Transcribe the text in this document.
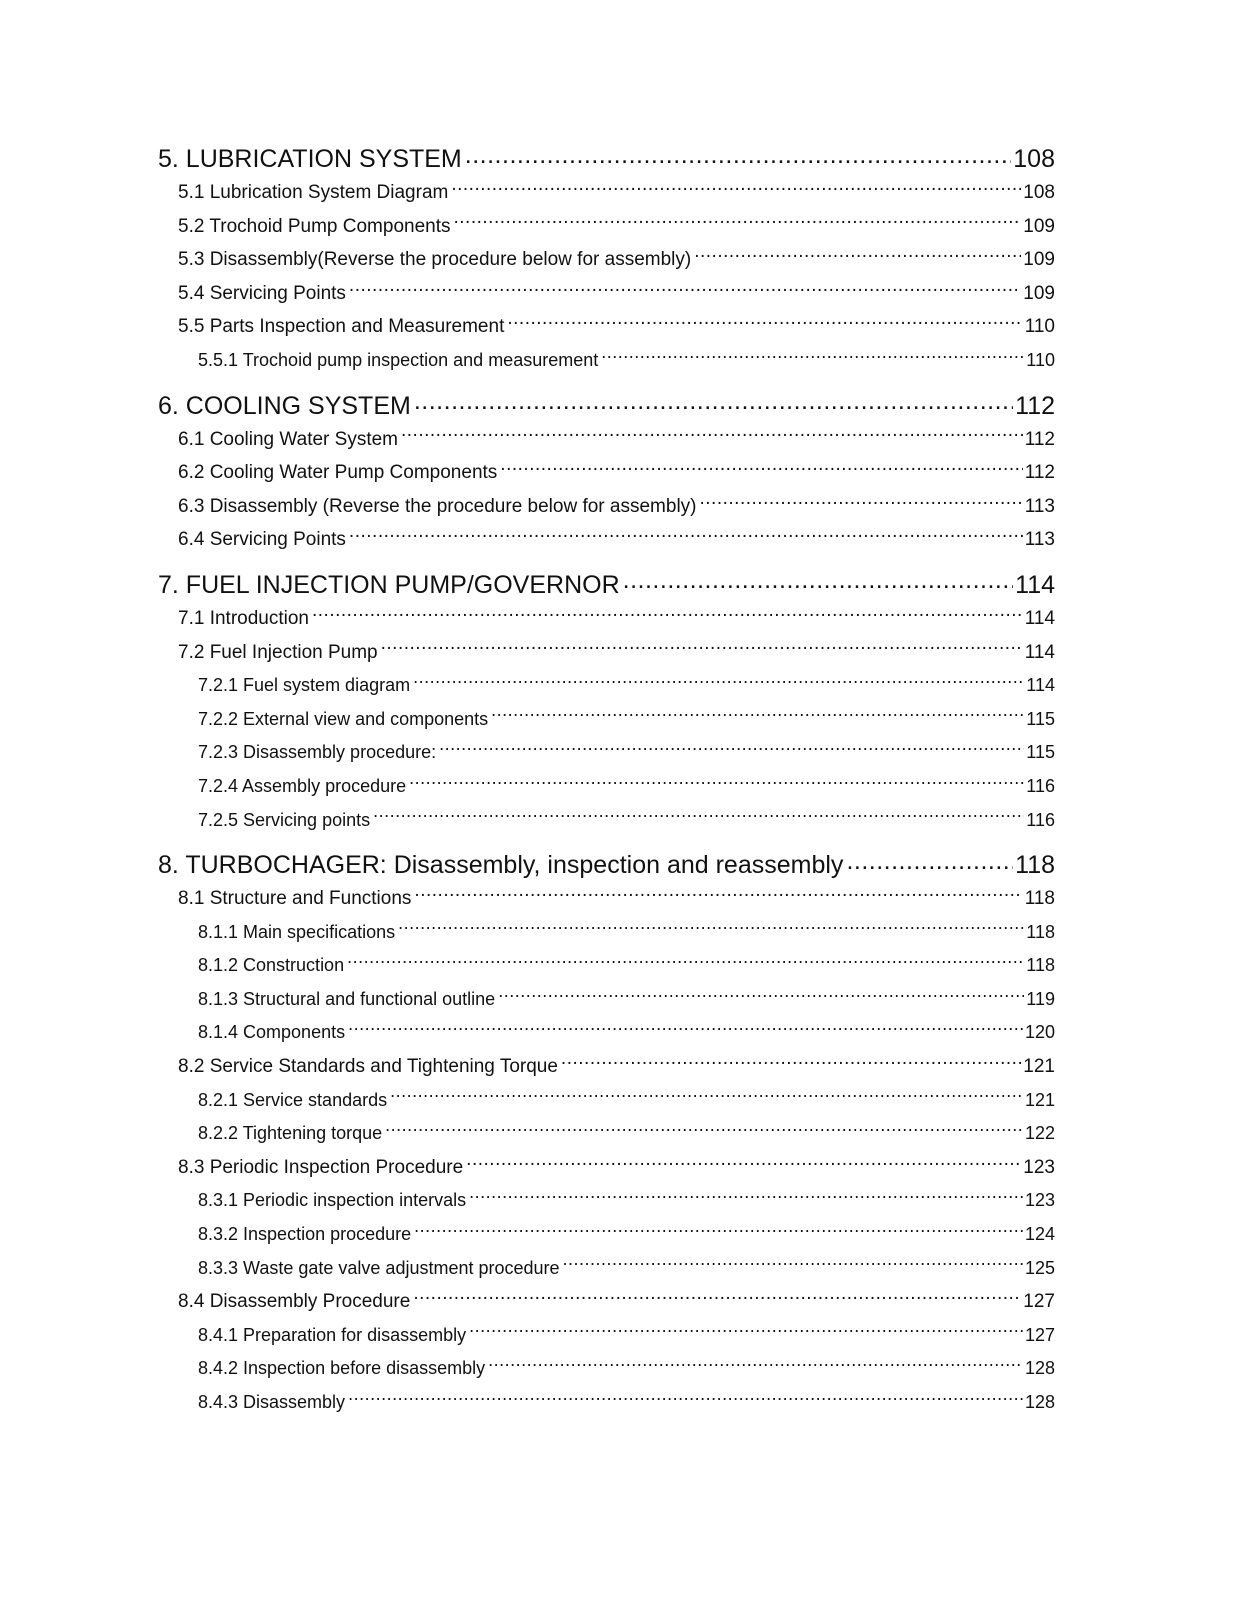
5. LUBRICATION SYSTEM .....	108
5.1 Lubrication System Diagram .....	108
5.2 Trochoid Pump Components .....	109
5.3 Disassembly(Reverse the procedure below for assembly) .....	109
5.4 Servicing Points .....	109
5.5 Parts Inspection and Measurement .....	110
5.5.1 Trochoid pump inspection and measurement .....	110
6. COOLING SYSTEM .....	112
6.1 Cooling Water System .....	112
6.2 Cooling Water Pump Components .....	112
6.3 Disassembly (Reverse the procedure below for assembly) .....	113
6.4 Servicing Points .....	113
7. FUEL INJECTION PUMP/GOVERNOR .....	114
7.1 Introduction .....	114
7.2 Fuel Injection Pump .....	114
7.2.1 Fuel system diagram .....	114
7.2.2 External view and components .....	115
7.2.3 Disassembly procedure: .....	115
7.2.4 Assembly procedure .....	116
7.2.5 Servicing points .....	116
8. TURBOCHAGER: Disassembly, inspection and reassembly .....	118
8.1 Structure and Functions .....	118
8.1.1 Main specifications .....	118
8.1.2 Construction .....	118
8.1.3 Structural and functional outline .....	119
8.1.4 Components .....	120
8.2 Service Standards and Tightening Torque .....	121
8.2.1 Service standards .....	121
8.2.2 Tightening torque .....	122
8.3 Periodic Inspection Procedure .....	123
8.3.1 Periodic inspection intervals .....	123
8.3.2 Inspection procedure .....	124
8.3.3 Waste gate valve adjustment procedure .....	125
8.4 Disassembly Procedure .....	127
8.4.1 Preparation for disassembly .....	127
8.4.2 Inspection before disassembly .....	128
8.4.3 Disassembly .....	128
